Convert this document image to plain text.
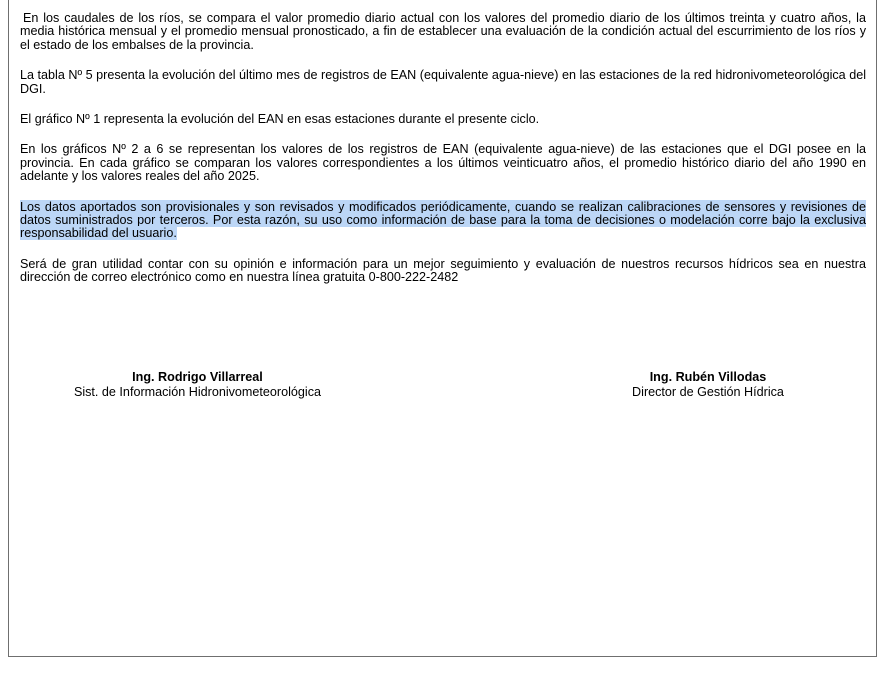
En los caudales de los ríos, se compara el valor promedio diario actual con los valores del promedio diario de los últimos treinta y cuatro años, la media histórica mensual y el promedio mensual pronosticado, a fin de establecer una evaluación de la condición actual del escurrimiento de los ríos y el estado de los embalses de la provincia.

La tabla Nº 5 presenta la evolución del último mes de registros de EAN (equivalente agua-nieve) en las estaciones de la red hidronivometeorológica del DGI.

El gráfico Nº 1 representa la evolución del EAN en esas estaciones durante el presente ciclo.

En los gráficos Nº 2 a 6 se representan los valores de los registros de EAN (equivalente agua-nieve) de las estaciones que el DGI posee en la provincia. En cada gráfico se comparan los valores correspondientes a los últimos veinticuatro años, el promedio histórico diario del año 1990 en adelante y los valores reales del año 2025.

Los datos aportados son provisionales y son revisados y modificados periódicamente, cuando se realizan calibraciones de sensores y revisiones de datos suministrados por terceros. Por esta razón, su uso como información de base para la toma de decisiones o modelación corre bajo la exclusiva responsabilidad del usuario.

Será de gran utilidad contar con su opinión e información para un mejor seguimiento y evaluación de nuestros recursos hídricos sea en nuestra dirección de correo electrónico como en nuestra línea gratuita 0-800-222-2482

Ing. Rodrigo Villarreal
Sist. de Información Hidronivometeorológica
Ing. Rubén Villodas
Director de Gestión Hídrica
